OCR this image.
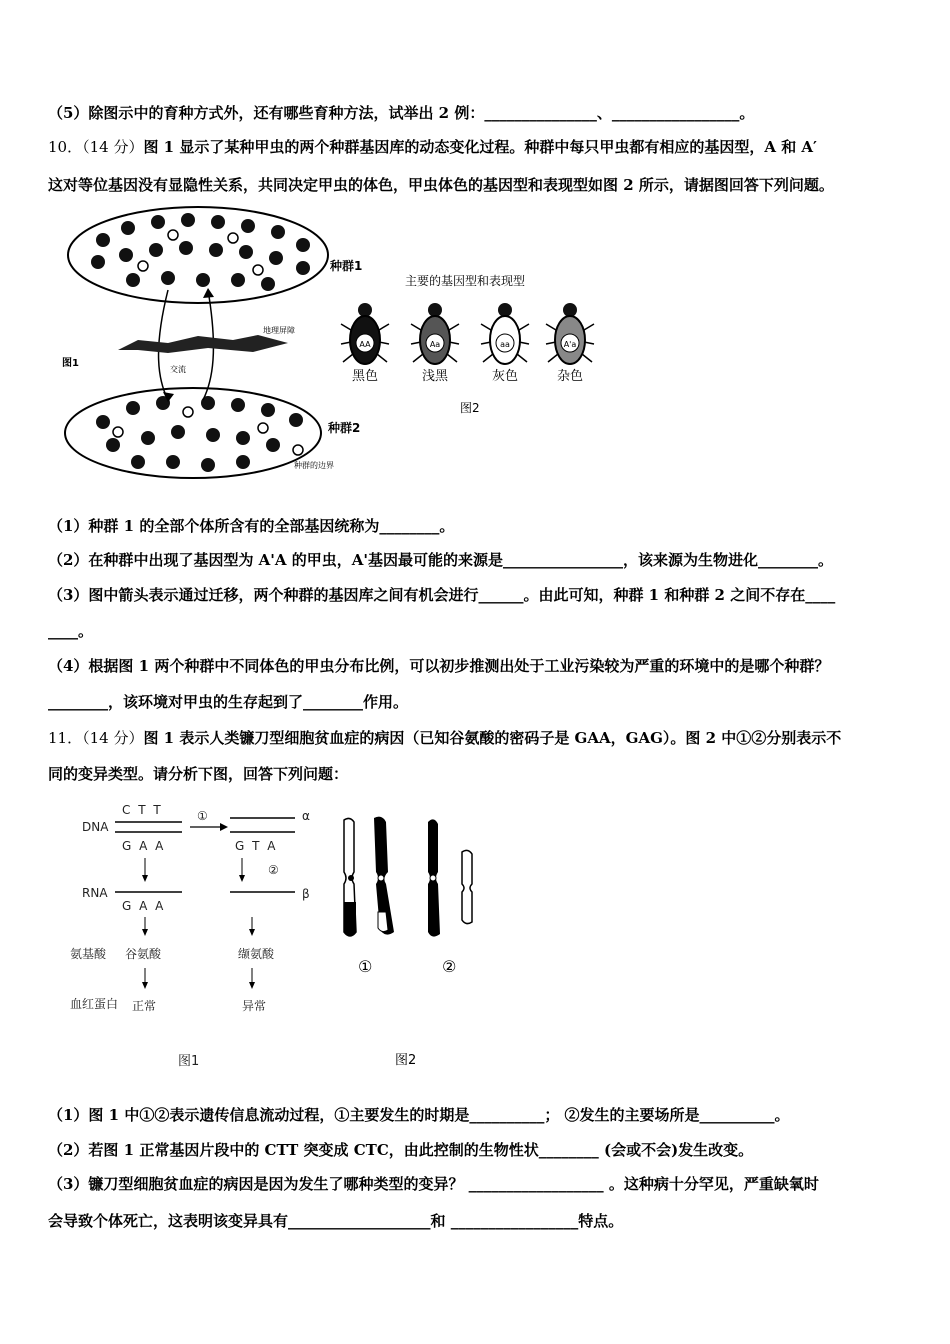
（5）除图示中的育种方式外，还有哪些育种方法，试举出 2 例：_______________、_________________。
10．（14 分）图 1 显示了某种甲虫的两个种群基因库的动态变化过程。种群中每只甲虫都有相应的基因型，A 和 A′
这对等位基因没有显隐性关系，共同决定甲虫的体色，甲虫体色的基因型和表现型如图 2 所示，请据图回答下列问题。
地理屏障
交流
图1
种群1
种群2
种群的边界
主要的基因型和表现型
AA
黑色
Aa
浅黑
aa
灰色
A'a
杂色
图2
（1）种群 1 的全部个体所含有的全部基因统称为________。
（2）在种群中出现了基因型为 A'A 的甲虫，A'基因最可能的来源是________________，该来源为生物进化________。
（3）图中箭头表示通过迁移，两个种群的基因库之间有机会进行______。由此可知，种群 1 和种群 2 之间不存在____
____。
（4）根据图 1 两个种群中不同体色的甲虫分布比例，可以初步推测出处于工业污染较为严重的环境中的是哪个种群？
________，该环境对甲虫的生存起到了________作用。
11．（14 分）图 1 表示人类镰刀型细胞贫血症的病因（已知谷氨酸的密码子是 GAA，GAG）。图 2 中①②分别表示不
同的变异类型。请分析下图，回答下列问题：
DNA
RNA
氨基酸
血红蛋白
C T T
G A A
①	α
G T A
②
G A A
β
谷氨酸	缬氨酸
正常	异常
图1
①	②
图2
（1）图 1 中①②表示遗传信息流动过程，①主要发生的时期是__________； ②发生的主要场所是__________。
（2）若图 1 正常基因片段中的 CTT 突变成 CTC，由此控制的生物性状________ (会或不会)发生改变。
（3）镰刀型细胞贫血症的病因是因为发生了哪种类型的变异？ __________________ 。这种病十分罕见，严重缺氧时
会导致个体死亡，这表明该变异具有___________________和 _________________特点。
